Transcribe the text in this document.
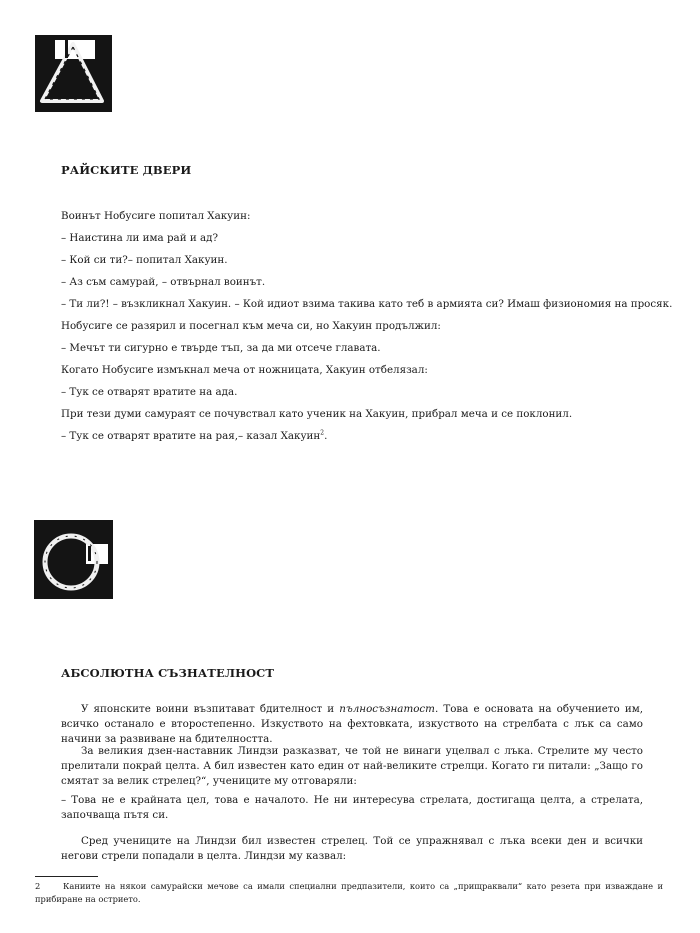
РАЙСКИТЕ ДВЕРИ
Воинът Нобусиге попитал Хакуин:
– Наистина ли има рай и ад?
– Кой си ти?– попитал Хакуин.
– Аз съм самурай, – отвърнал воинът.
– Ти ли?! – възкликнал Хакуин. – Кой идиот взима такива като теб в армията си? Имаш физиономия на просяк.
Нобусиге се разярил и посегнал към меча си, но Хакуин продължил:
– Мечът ти сигурно е твърде тъп, за да ми отсече главата.
Когато Нобусиге измъкнал меча от ножницата, Хакуин отбелязал:
– Тук се отварят вратите на ада.
При тези думи самураят се почувствал като ученик на Хакуин, прибрал меча и се поклонил.
– Тук се отварят вратите на рая,– казал Хакуин$^2$.
АБСОЛЮТНА СЪЗНАТЕЛНОСТ

У японските воини възпитават бдителност и пълносъзнатост. Това е основата на обучението им, всичко останало е второстепенно. Изкуството на фехтовката, изкуството на стрелбата с лък са само начини за развиване на бдителността.

За великия дзен-наставник Линдзи разказват, че той не винаги уцелвал с лъка. Стрелите му често прелитали покрай целта. А бил известен като един от най-великите стрелци. Когато ги питали: „Защо го смятат за велик стрелец?“, учениците му отговаряли:

– Това не е крайната цел, това е началото. Не ни интересува стрелата, достигаща целта, а стрелата, започваща пътя си.

Сред учениците на Линдзи бил известен стрелец. Той се упражнявал с лъка всеки ден и всички негови стрели попадали в целта. Линдзи му казвал:

2	Каниите на някои самурайски мечове са имали специални предпазители, които са „прищраквали“ като резета при изваждане и прибиране на острието.
